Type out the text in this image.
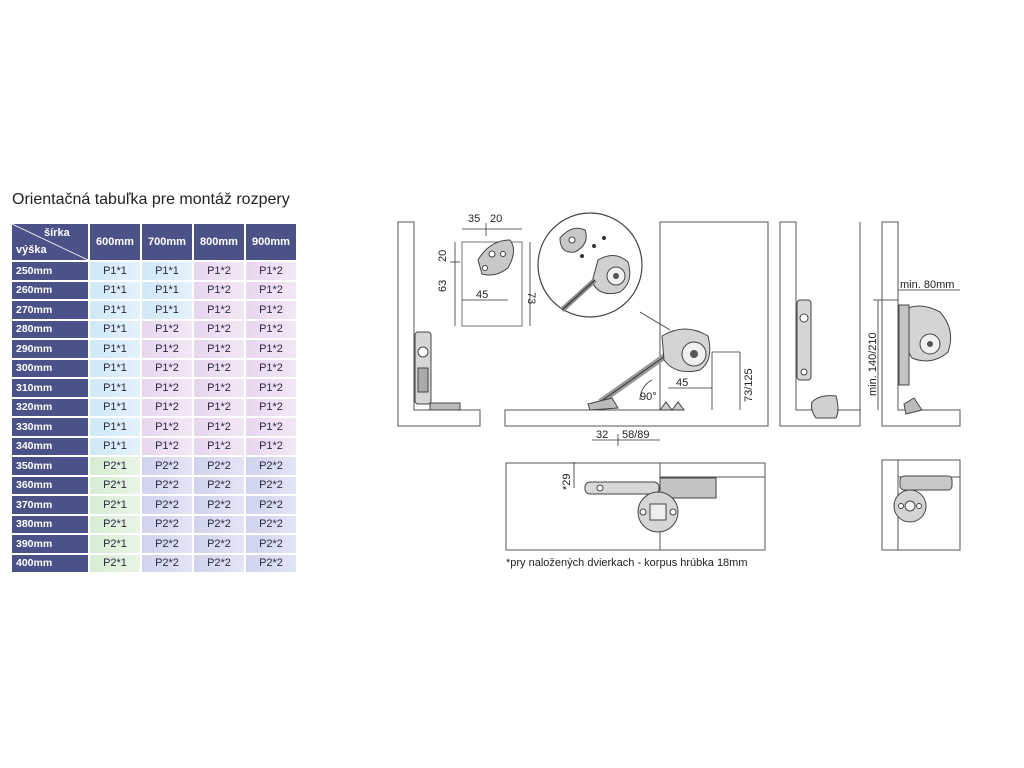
Orientačná tabuľka pre montáž rozpery
šírka
výška	600mm	700mm	800mm	900mm
250mm	P1*1	P1*1	P1*2	P1*2
260mm	P1*1	P1*1	P1*2	P1*2
270mm	P1*1	P1*1	P1*2	P1*2
280mm	P1*1	P1*2	P1*2	P1*2
290mm	P1*1	P1*2	P1*2	P1*2
300mm	P1*1	P1*2	P1*2	P1*2
310mm	P1*1	P1*2	P1*2	P1*2
320mm	P1*1	P1*2	P1*2	P1*2
330mm	P1*1	P1*2	P1*2	P1*2
340mm	P1*1	P1*2	P1*2	P1*2
350mm	P2*1	P2*2	P2*2	P2*2
360mm	P2*1	P2*2	P2*2	P2*2
370mm	P2*1	P2*2	P2*2	P2*2
380mm	P2*1	P2*2	P2*2	P2*2
390mm	P2*1	P2*2	P2*2	P2*2
400mm	P2*1	P2*2	P2*2	P2*2
35 20
20
63
45	73
90°
45	73/125
32 58/89
min. 80mm
min. 140/210
*29
*pry naložených dvierkach - korpus hrúbka 18mm
